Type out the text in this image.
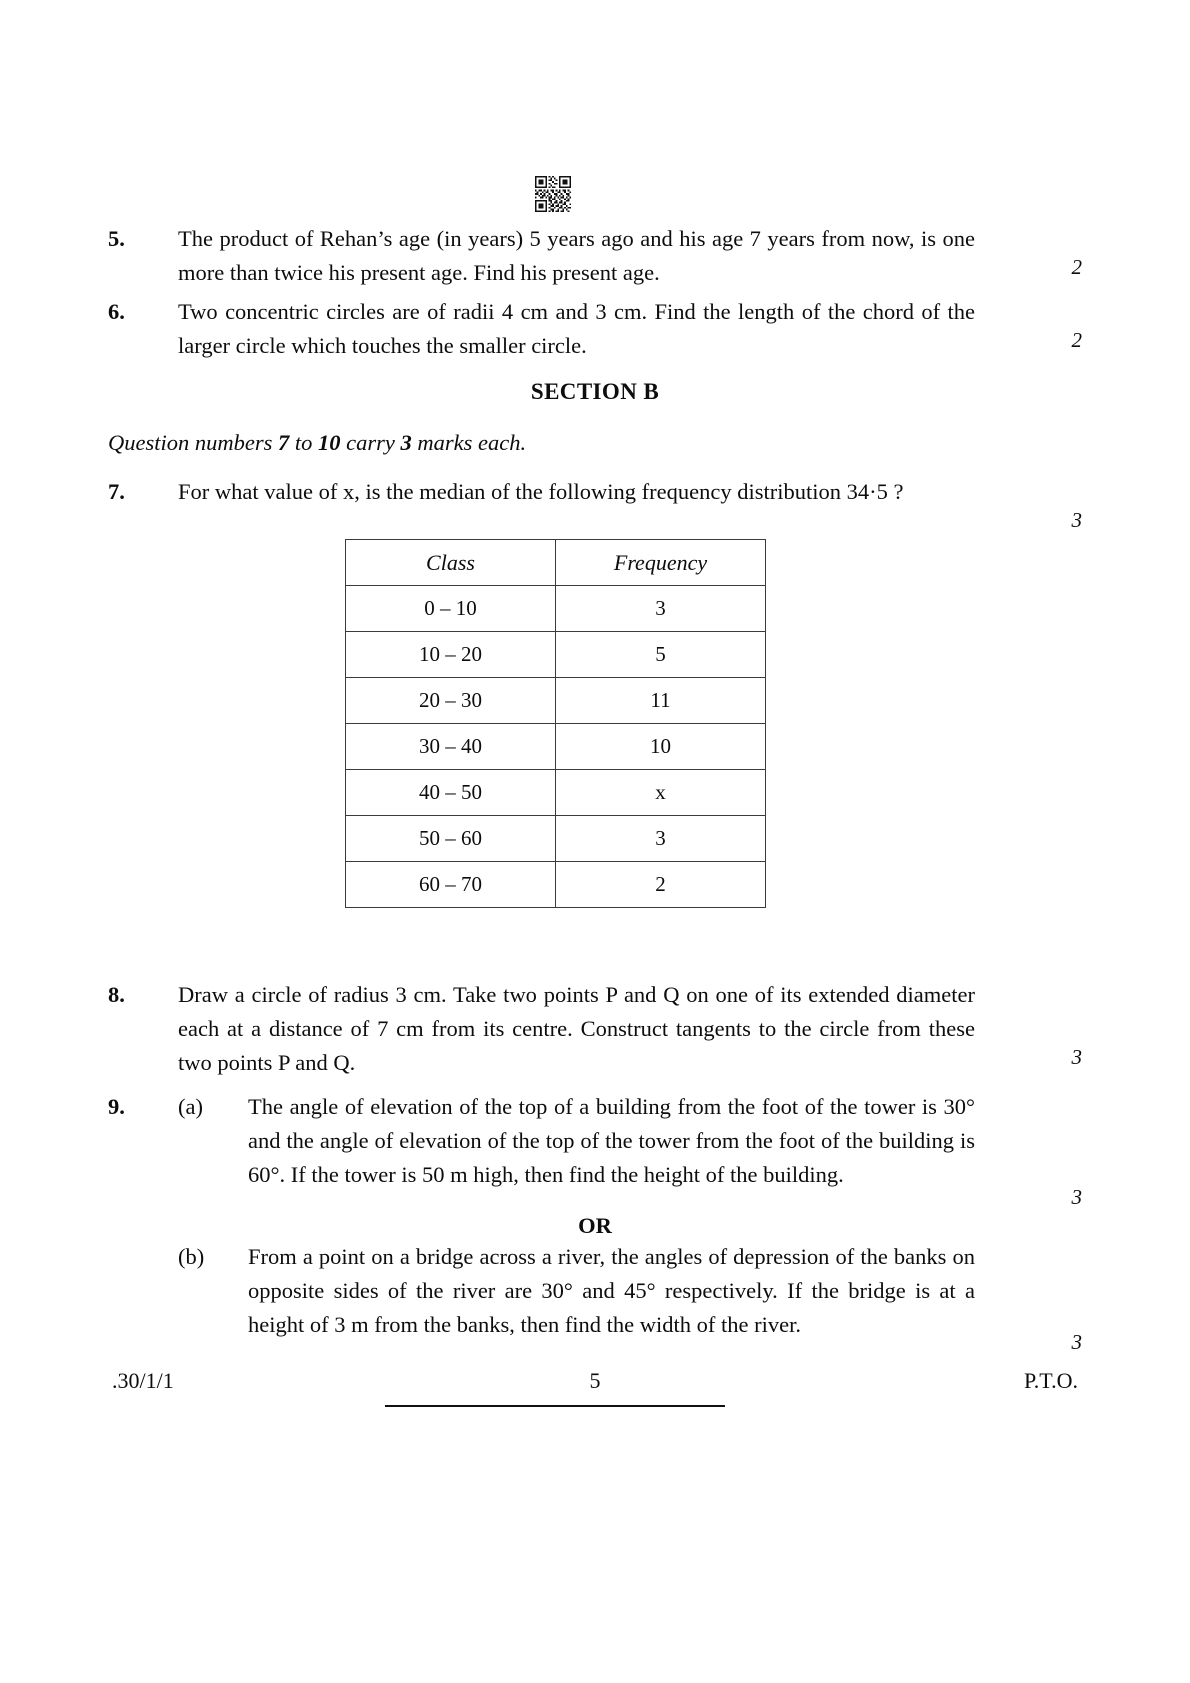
5.	The product of Rehan’s age (in years) 5 years ago and his age 7 years from now, is one more than twice his present age. Find his present age.	2
6.	Two concentric circles are of radii 4 cm and 3 cm. Find the length of the chord of the larger circle which touches the smaller circle.	2
SECTION B
Question numbers 7 to 10 carry 3 marks each.
7.	For what value of x, is the median of the following frequency distribution 34·5 ?
3
Class	Frequency
0 – 10	3
10 – 20	5
20 – 30	11
30 – 40	10
40 – 50	x
50 – 60	3
60 – 70	2
8.	Draw a circle of radius 3 cm. Take two points P and Q on one of its extended diameter each at a distance of 7 cm from its centre. Construct tangents to the circle from these two points P and Q.	3
9.	(a)	The angle of elevation of the top of a building from the foot of the tower is 30° and the angle of elevation of the top of the tower from the foot of the building is 60°. If the tower is 50 m high, then find the height of the building.
3
OR
(b)	From a point on a bridge across a river, the angles of depression of the banks on opposite sides of the river are 30° and 45° respectively. If the bridge is at a height of 3 m from the banks, then find the width of the river.
3
.30/1/1	5	P.T.O.
